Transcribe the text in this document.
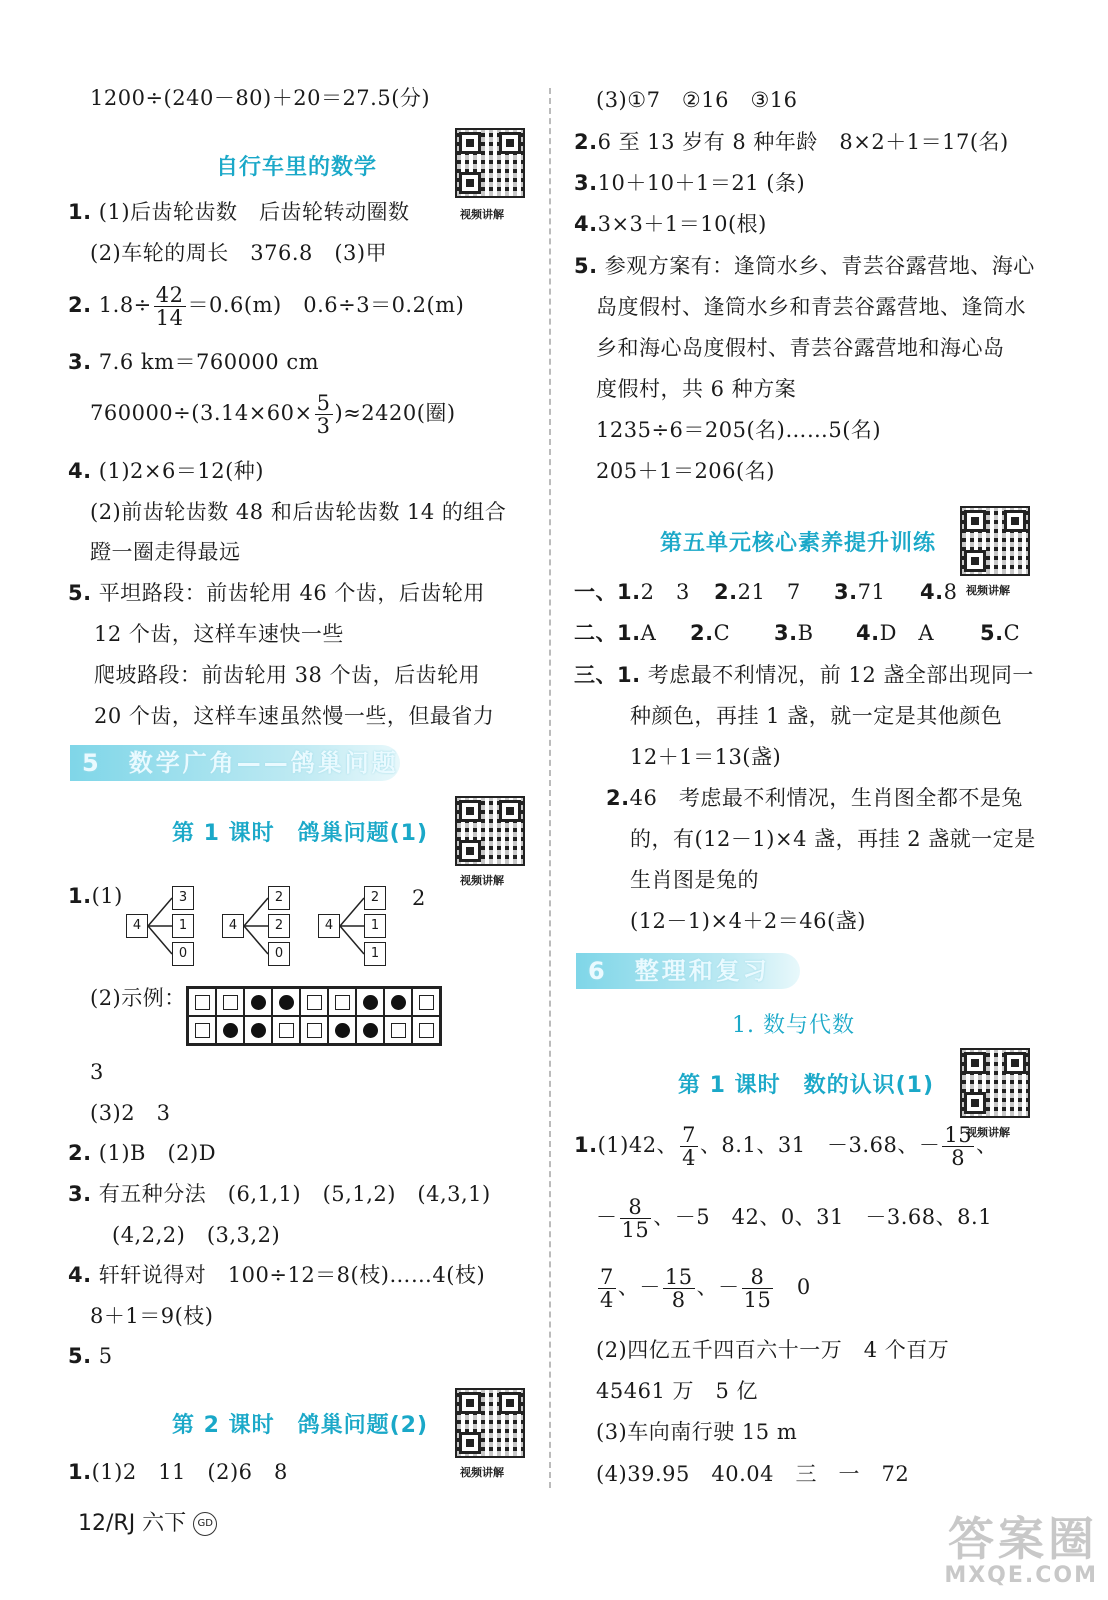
1200÷(240－80)＋20＝27.5(分)
自行车里的数学
1. (1)后齿轮齿数　后齿轮转动圈数
(2)车轮的周长　376.8　(3)甲
2. $1.8\div \frac{42}{14} =0.6(m)$　0.6÷3＝0.2(m)
3. 7.6 km＝760000 cm
$760000\div(3.14\times 60\times \frac{5}{3} )\approx 2420$(圈)
4. (1)2×6＝12(种)
(2)前齿轮齿数 48 和后齿轮齿数 14 的组合
蹬一圈走得最远
5. 平坦路段：前齿轮用 46 个齿，后齿轮用
12 个齿，这样车速快一些
爬坡路段：前齿轮用 38 个齿，后齿轮用
20 个齿，这样车速虽然慢一些，但最省力
5　数学广角——鸽巢问题
第 1 课时　鸽巢问题(1)
1.(1)
4
3
1
0
4
2
2
0
4
2
1
1
2
(2)示例：
3
(3)2　3
2. (1)B　(2)D
3. 有五种分法　(6,1,1)　(5,1,2)　(4,3,1)
(4,2,2)　(3,3,2)
4. 轩轩说得对　100÷12＝8(枝)……4(枝)
8＋1＝9(枝)
5. 5
第 2 课时　鸽巢问题(2)
1.(1)2　11　(2)6　8
视频讲解
视频讲解
视频讲解
(3)①7　②16　③16
2.6 至 13 岁有 8 种年龄　8×2＋1＝17(名)
3.10＋10＋1＝21 (条)
4.3×3＋1＝10(根)
5. 参观方案有：逢筒水乡、青芸谷露营地、海心
岛度假村、逢筒水乡和青芸谷露营地、逢筒水
乡和海心岛度假村、青芸谷露营地和海心岛
度假村，共 6 种方案
1235÷6＝205(名)……5(名)
205＋1＝206(名)
第五单元核心素养提升训练
一、1.2　3 2.21　7 3.71 4.8
二、1.A 2.C 3.B 4.D　A 5.C
三、1. 考虑最不利情况，前 12 盏全部出现同一
种颜色，再挂 1 盏，就一定是其他颜色
12＋1＝13(盏)
2.46　考虑最不利情况，生肖图全都不是兔
的，有(12－1)×4 盏，再挂 2 盏就一定是
生肖图是兔的
(12－1)×4＋2＝46(盏)
6　整理和复习
1. 数与代数
第 1 课时　数的认识(1)
1.(1)42、 $\frac{7}{4}$ 、8.1、31　－3.68、－ $\frac{15}{8}$ 、
－ $\frac{8}{15}$ 、－5　42、0、31　－3.68、8.1
$\frac{7}{4}$ 、－ $\frac{15}{8}$ 、－ $\frac{8}{15}$ 　0
(2)四亿五千四百六十一万　4 个百万
45461 万　5 亿
(3)车向南行驶 15 m
(4)39.95　40.04　三　一　72
视频讲解
视频讲解
12/RJ 六下 GD	答案圈
MXQE.COM
